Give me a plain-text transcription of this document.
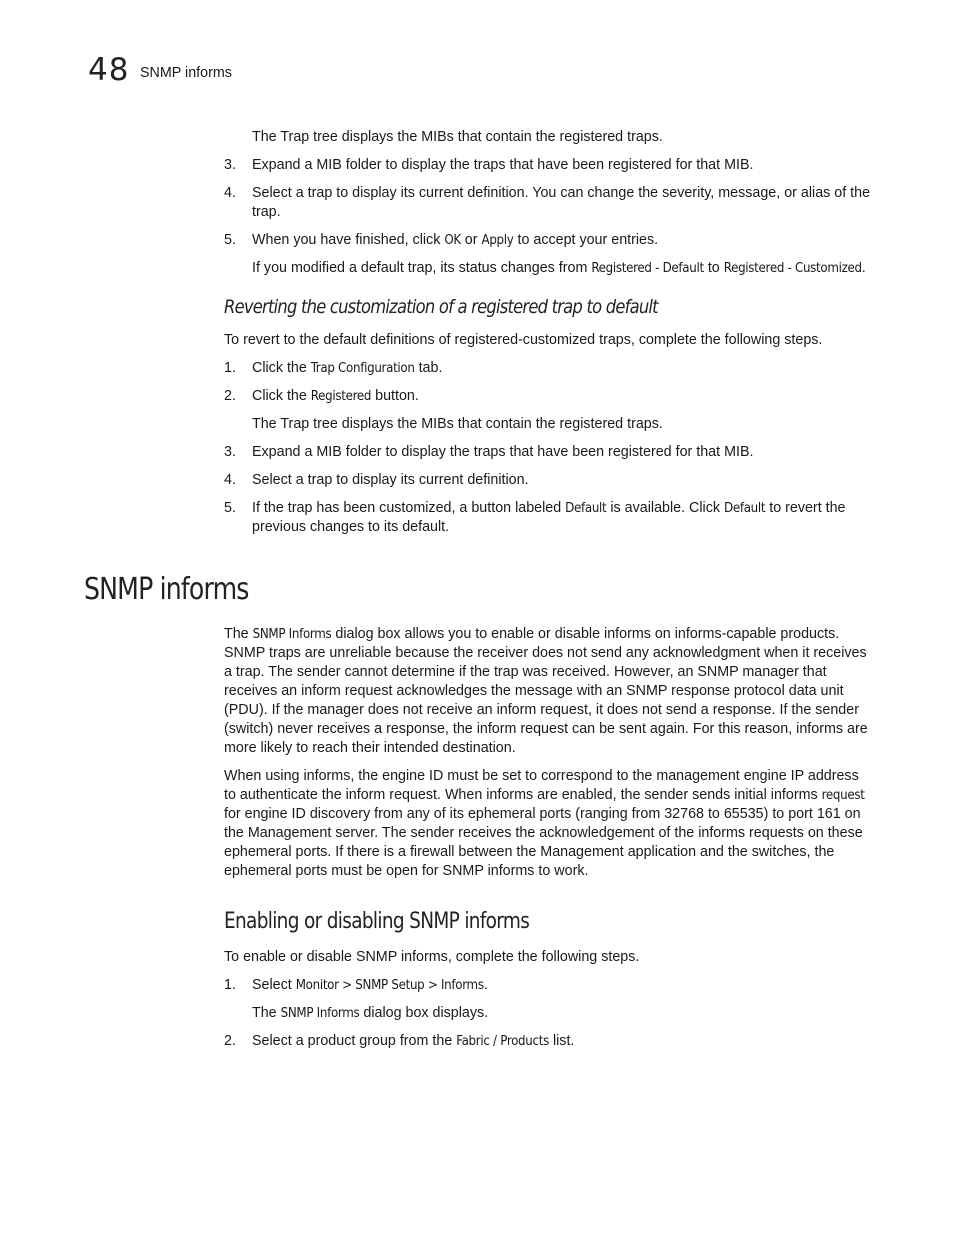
48 SNMP informs

The Trap tree displays the MIBs that contain the registered traps.

3.	Expand a MIB folder to display the traps that have been registered for that MIB.
4.	Select a trap to display its current definition. You can change the severity, message, or alias of the trap.
5.	When you have finished, click OK or Apply to accept your entries.

If you modified a default trap, its status changes from Registered - Default to Registered - Customized.

Reverting the customization of a registered trap to default

To revert to the default definitions of registered-customized traps, complete the following steps.

1.	Click the Trap Configuration tab.
2.	Click the Registered button.

The Trap tree displays the MIBs that contain the registered traps.

3.	Expand a MIB folder to display the traps that have been registered for that MIB.
4.	Select a trap to display its current definition.
5.	If the trap has been customized, a button labeled Default is available. Click Default to revert the previous changes to its default.
SNMP informs

The SNMP Informs dialog box allows you to enable or disable informs on informs-capable products. SNMP traps are unreliable because the receiver does not send any acknowledgment when it receives a trap. The sender cannot determine if the trap was received. However, an SNMP manager that receives an inform request acknowledges the message with an SNMP response protocol data unit (PDU). If the manager does not receive an inform request, it does not send a response. If the sender (switch) never receives a response, the inform request can be sent again. For this reason, informs are more likely to reach their intended destination.

When using informs, the engine ID must be set to correspond to the management engine IP address to authenticate the inform request. When informs are enabled, the sender sends initial informs request for engine ID discovery from any of its ephemeral ports (ranging from 32768 to 65535) to port 161 on the Management server. The sender receives the acknowledgement of the informs requests on these ephemeral ports. If there is a firewall between the Management application and the switches, the ephemeral ports must be open for SNMP informs to work.

Enabling or disabling SNMP informs

To enable or disable SNMP informs, complete the following steps.

1.	Select Monitor > SNMP Setup > Informs.

The SNMP Informs dialog box displays.

2.	Select a product group from the Fabric / Products list.
